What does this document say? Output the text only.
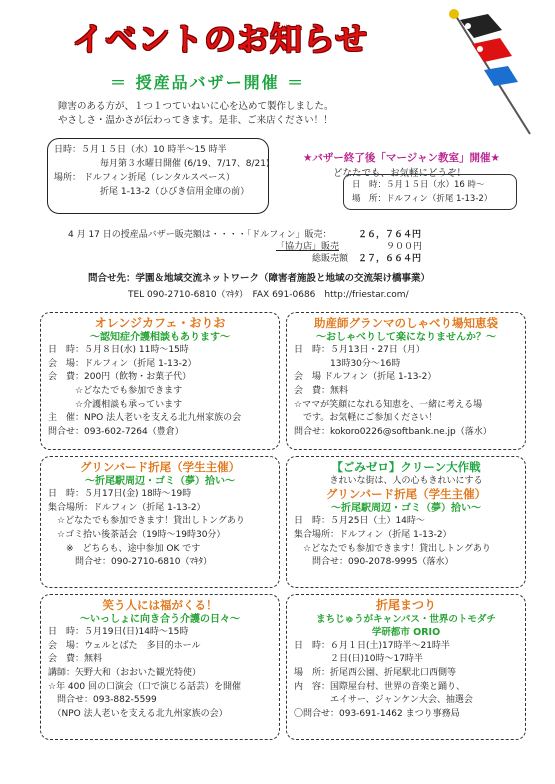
イベントのお知らせ
＝ 授産品バザー開催 ＝
障害のある方が、１つ１つていねいに心を込めて製作しました。
やさしさ・温かさが伝わってきます。是非、ご来店ください！！
日時：５月１５日（水）10 時半～15 時半
毎月第３水曜日開催 (6/19、7/17、8/21)
場所： ドルフィン折尾（レンタルスペース）
折尾 1-13-2（ひびき信用金庫の前）
★バザー終了後「マージャン教室」開催★
どなたでも、お気軽にどうぞ！
日　時：５月１５日（水）16 時～
場　所：ドルフィン（折尾 1-13-2）
4 月 17 日の授産品バザー販売額は・・・・「ドルフィン」販売：	２６，７６４円
「協力店」販売	９００円
総販売額 ２７，６６４円
問合せ先：学園＆地域交流ネットワーク（障害者施設と地域の交流架け橋事業）
TEL 090-2710-6810（ﾏｷﾀ）　FAX 691-0686　http://friestar.com/
オレンジカフェ・おりお
～認知症介護相談もあります～
日　時：５月８日(水) 11時～15時
会　場：ドルフィン（折尾 1-13-2）
会　費：200円（飲物・お菓子代）
　　　☆どなたでも参加できます
　　　☆介護相談も承っています
主　催：NPO 法人老いを支える北九州家族の会
問合せ：093-602-7264（豊倉）
助産師グランマのしゃべり場知恵袋
～おしゃべりして楽になりませんか？～
日　時：５月13日・27日（月）
　　　　13時30分～16時
会　場 ドルフィン（折尾 1-13-2）
会　費：無料
☆ママが笑顔になれる知恵を、一緒に考える場
　です。お気軽にご参加ください！
問合せ：kokoro0226@softbank.ne.jp（落水）
グリンバード折尾（学生主催）
～折尾駅周辺・ゴミ（夢）拾い～
日　時：５月17日(金) 18時～19時
集合場所：ドルフィン（折尾 1-13-2）
　☆どなたでも参加できます！貸出しトングあり
　☆ゴミ拾い後茶話会（19時～19時30分）
　　※　どちらも、途中参加 OK です
　　　問合せ：090-2710-6810（ﾏｷﾀ）
【ごみゼロ】クリーン大作戦
きれいな街は、人の心もきれいにする
グリンバード折尾（学生主催）
～折尾駅周辺・ゴミ（夢）拾い～
日　時：５月25日（土）14時～
集合場所：ドルフィン（折尾 1-13-2）
　☆どなたでも参加できます！貸出しトングあり
　　問合せ：090-2078-9995（落水）
笑う人には福がくる！
～いっしょに向き合う介護の日々～
日　時：５月19日(日)14時～15時
会　場：ウェルとばた　多目的ホール
会　費：無料
講師：矢野大和（おおいた観光特使）
☆年 400 回の口演会（口で演じる話芸）を開催
　問合せ：093-882-5599
　（NPO 法人老いを支える北九州家族の会）
折尾まつり
まちじゅうがキャンパス・世界のトモダチ
学研都市 ORIO
日　時：６月１日(土)17時半～21時半
　　　　２日(日)10時～17時半
場　所：折尾西公園、折尾駅北口西側等
内　容：国際屋台村、世界の音楽と踊り、
　　　　エイサー、ジャンケン大会、抽選会
〇問合せ：093-691-1462 まつり事務局
